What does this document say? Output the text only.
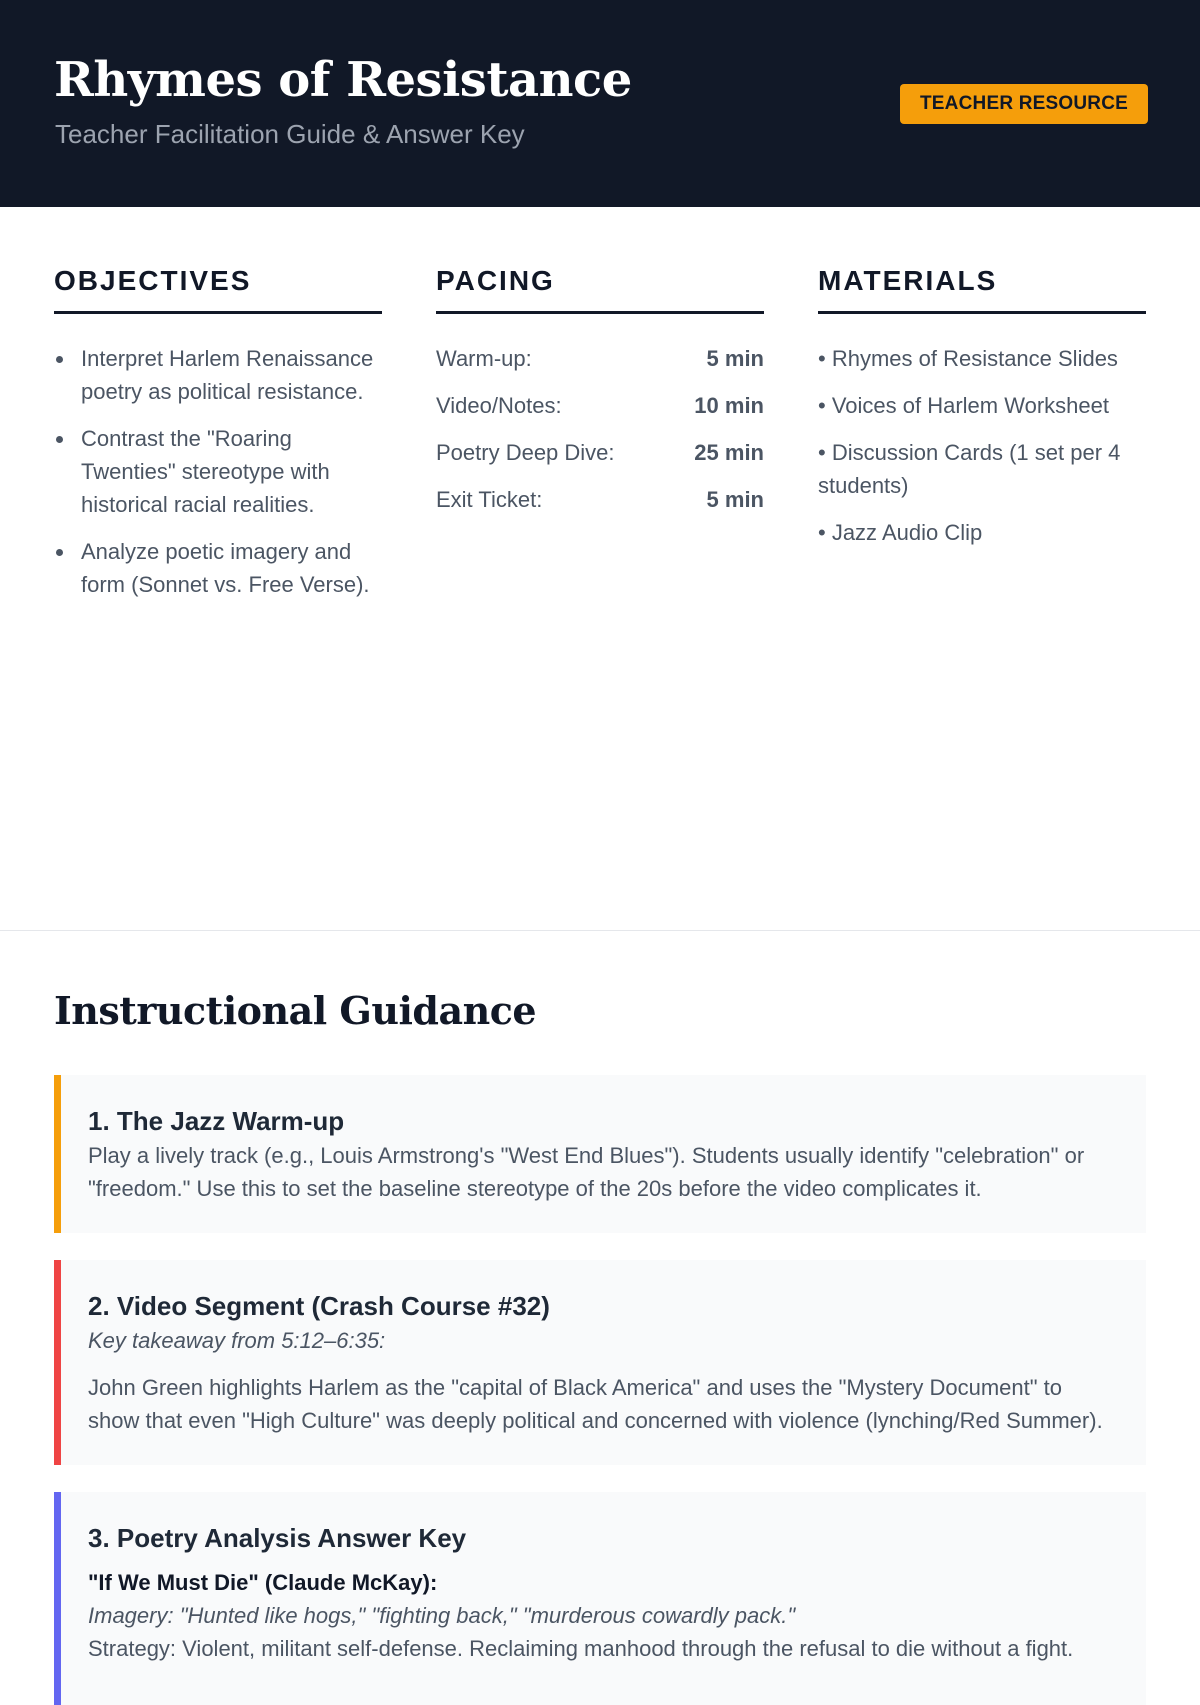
Rhymes of Resistance
Teacher Facilitation Guide & Answer Key
TEACHER RESOURCE
OBJECTIVES
Interpret Harlem Renaissance poetry as political resistance.
Contrast the "Roaring Twenties" stereotype with historical racial realities.
Analyze poetic imagery and form (Sonnet vs. Free Verse).
PACING
Warm-up:	5 min
Video/Notes:	10 min
Poetry Deep Dive:	25 min
Exit Ticket:	5 min
MATERIALS
• Rhymes of Resistance Slides
• Voices of Harlem Worksheet
• Discussion Cards (1 set per 4 students)
• Jazz Audio Clip
Instructional Guidance
1. The Jazz Warm-up

Play a lively track (e.g., Louis Armstrong's "West End Blues"). Students usually identify "celebration" or "freedom." Use this to set the baseline stereotype of the 20s before the video complicates it.

2. Video Segment (Crash Course #32)

Key takeaway from 5:12–6:35:

John Green highlights Harlem as the "capital of Black America" and uses the "Mystery Document" to show that even "High Culture" was deeply political and concerned with violence (lynching/Red Summer).

3. Poetry Analysis Answer Key
"If We Must Die" (Claude McKay):

Imagery: "Hunted like hogs," "fighting back," "murderous cowardly pack."

Strategy: Violent, militant self-defense. Reclaiming manhood through the refusal to die without a fight.
